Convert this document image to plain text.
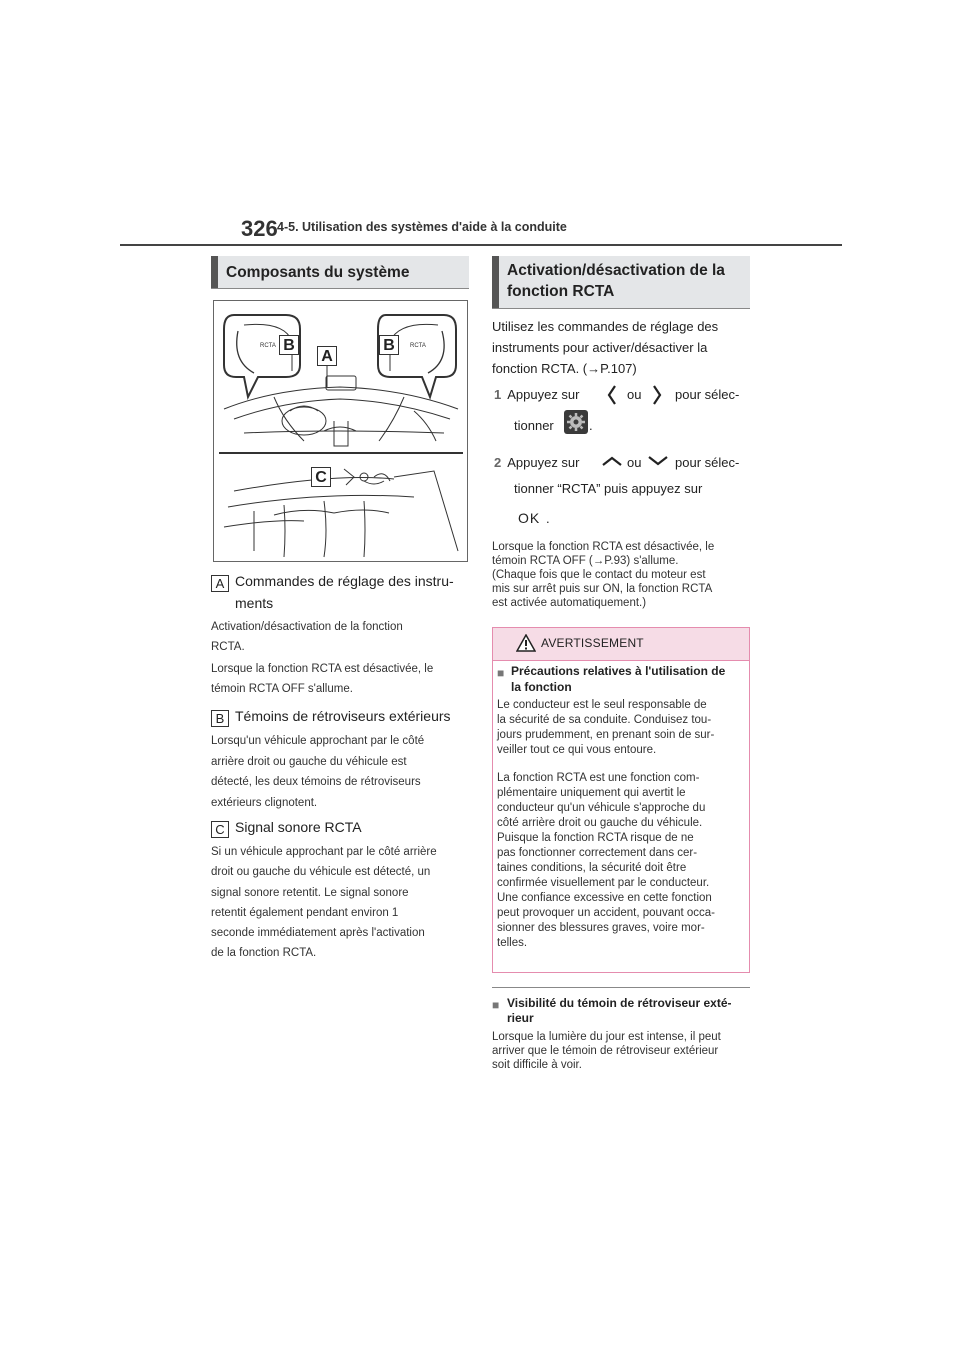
326 4-5. Utilisation des systèmes d'aide à la conduite
Composants du système
RCTA	RCTA
B
A
B
C
A Commandes de réglage des instru-
ments
Activation/désactivation de la fonction
RCTA.
Lorsque la fonction RCTA est désactivée, le
témoin RCTA OFF s'allume.
B Témoins de rétroviseurs extérieurs
Lorsqu'un véhicule approchant par le côté
arrière droit ou gauche du véhicule est
détecté, les deux témoins de rétroviseurs
extérieurs clignotent.
C Signal sonore RCTA
Si un véhicule approchant par le côté arrière
droit ou gauche du véhicule est détecté, un
signal sonore retentit. Le signal sonore
retentit également pendant environ 1
seconde immédiatement après l'activation
de la fonction RCTA.
Activation/désactivation de la
fonction RCTA
Utilisez les commandes de réglage des
instruments pour activer/désactiver la
fonction RCTA. (→P.107)
1 Appuyez sur	ou	pour sélec-
tionner	.
2 Appuyez sur	ou	pour sélec-
tionner “RCTA” puis appuyez sur
OK .
Lorsque la fonction RCTA est désactivée, le
témoin RCTA OFF (→P.93) s'allume.
(Chaque fois que le contact du moteur est
mis sur arrêt puis sur ON, la fonction RCTA
est activée automatiquement.)
AVERTISSEMENT
■ Précautions relatives à l'utilisation de
la fonction
Le conducteur est le seul responsable de
la sécurité de sa conduite. Conduisez tou-
jours prudemment, en prenant soin de sur-
veiller tout ce qui vous entoure.
La fonction RCTA est une fonction com-
plémentaire uniquement qui avertit le
conducteur qu'un véhicule s'approche du
côté arrière droit ou gauche du véhicule.
Puisque la fonction RCTA risque de ne
pas fonctionner correctement dans cer-
taines conditions, la sécurité doit être
confirmée visuellement par le conducteur.
Une confiance excessive en cette fonction
peut provoquer un accident, pouvant occa-
sionner des blessures graves, voire mor-
telles.
■ Visibilité du témoin de rétroviseur exté-
rieur
Lorsque la lumière du jour est intense, il peut
arriver que le témoin de rétroviseur extérieur
soit difficile à voir.
